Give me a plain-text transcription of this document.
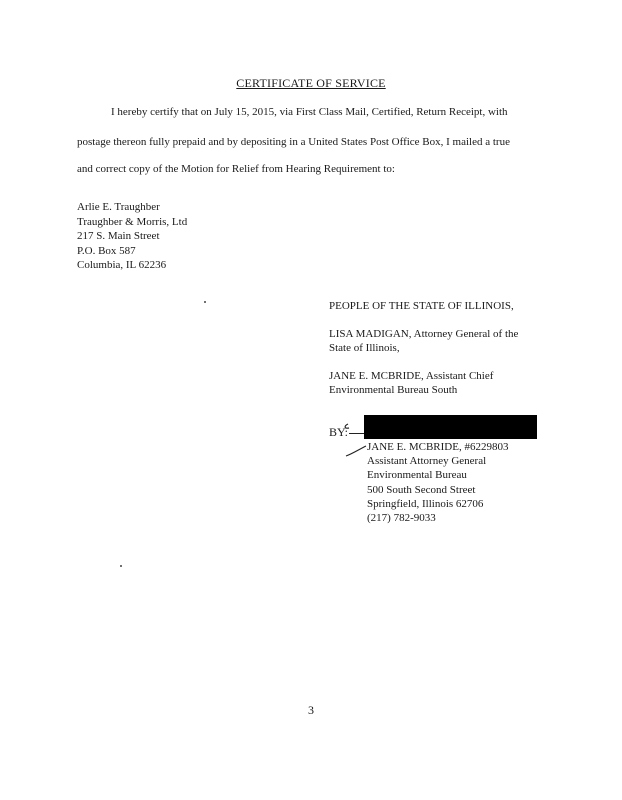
CERTIFICATE OF SERVICE
I hereby certify that on July 15, 2015, via First Class Mail, Certified, Return Receipt, with
postage thereon fully prepaid and by depositing in a United States Post Office Box, I mailed a true
and correct copy of the Motion for Relief from Hearing Requirement to:
Arlie E. Traughber
Traughber & Morris, Ltd
217 S. Main Street
P.O. Box 587
Columbia, IL 62236
PEOPLE OF THE STATE OF ILLINOIS,
LISA MADIGAN, Attorney General of the
State of Illinois,
JANE E. MCBRIDE, Assistant Chief
Environmental Bureau South
BY:
JANE E. MCBRIDE, #6229803
Assistant Attorney General
Environmental Bureau
500 South Second Street
Springfield, Illinois 62706
(217) 782-9033
3
